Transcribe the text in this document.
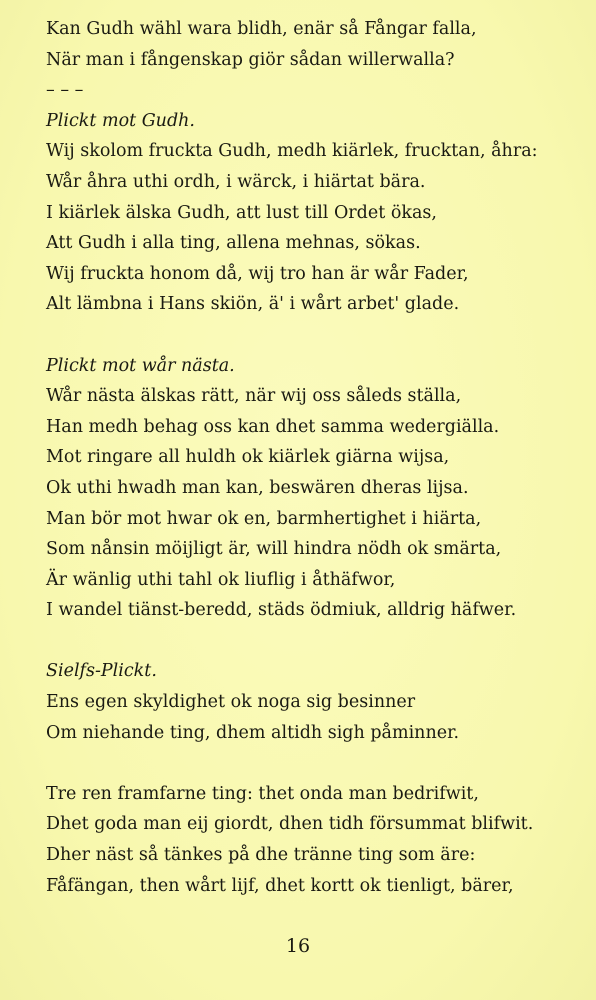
Kan Gudh wähl wara blidh, enär så Fångar falla,
När man i fångenskap giör sådan willerwalla?
– – –
Plickt mot Gudh.
Wij skolom fruckta Gudh, medh kiärlek, frucktan, åhra:
Wår åhra uthi ordh, i wärck, i hiärtat bära.
I kiärlek älska Gudh, att lust till Ordet ökas,
Att Gudh i alla ting, allena mehnas, sökas.
Wij fruckta honom då, wij tro han är wår Fader,
Alt lämbna i Hans skiön, ä' i wårt arbet' glade.
Plickt mot wår nästa.
Wår nästa älskas rätt, när wij oss såleds ställa,
Han medh behag oss kan dhet samma wedergiälla.
Mot ringare all huldh ok kiärlek giärna wijsa,
Ok uthi hwadh man kan, beswären dheras lijsa.
Man bör mot hwar ok en, barmhertighet i hiärta,
Som nånsin möijligt är, will hindra nödh ok smärta,
Är wänlig uthi tahl ok liuflig i åthäfwor,
I wandel tiänst-beredd, städs ödmiuk, alldrig häfwer.
Sielfs-Plickt.
Ens egen skyldighet ok noga sig besinner
Om niehande ting, dhem altidh sigh påminner.
Tre ren framfarne ting: thet onda man bedrifwit,
Dhet goda man eij giordt, dhen tidh försummat blifwit.
Dher näst så tänkes på dhe tränne ting som äre:
Fåfängan, then wårt lijf, dhet kortt ok tienligt, bärer,
16
